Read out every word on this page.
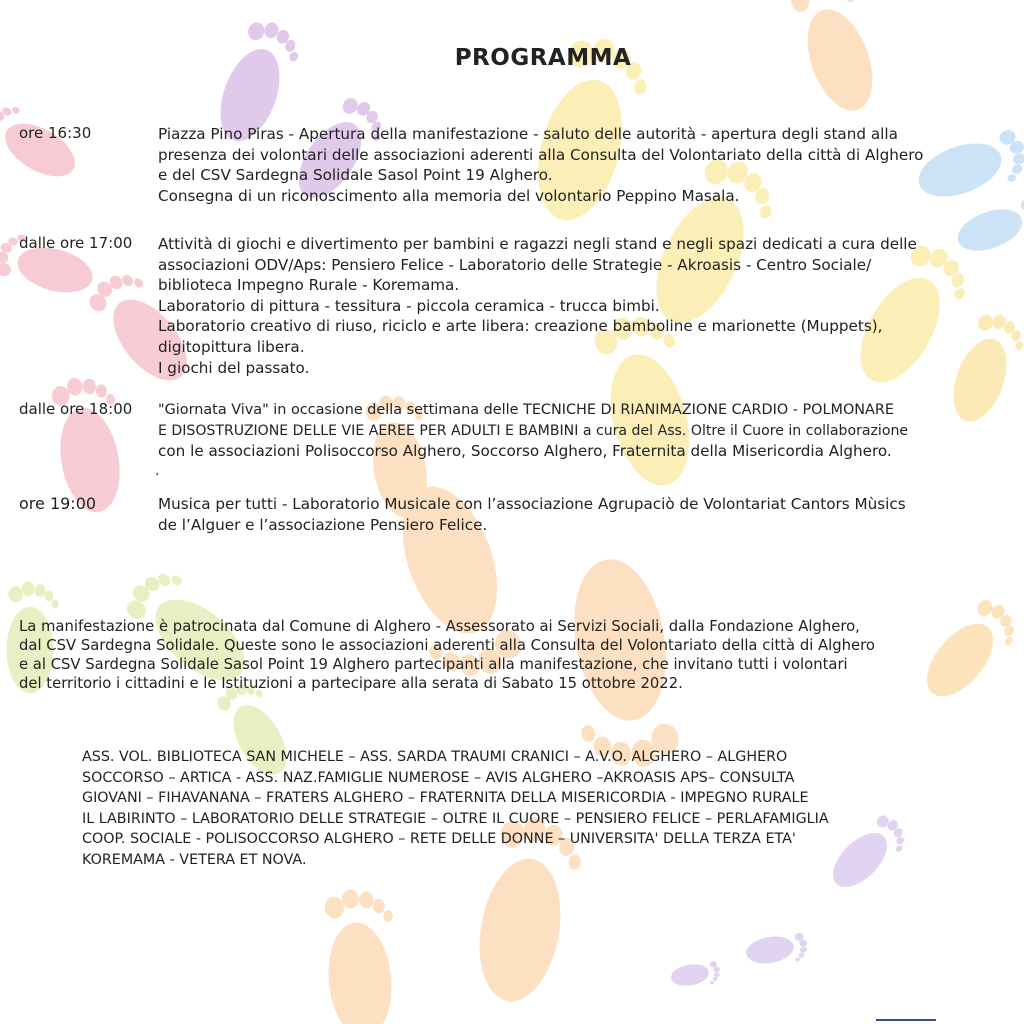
PROGRAMMA
ore 16:30	Piazza Pino Piras - Apertura della manifestazione - saluto delle autorità - apertura degli stand alla

presenza dei volontari delle associazioni aderenti alla Consulta del Volontariato della città di Alghero

e del CSV Sardegna Solidale Sasol Point 19 Alghero.

Consegna di un riconoscimento alla memoria del volontario Peppino Masala.

dalle ore 17:00 Attività di giochi e divertimento per bambini e ragazzi negli stand e negli spazi dedicati a cura delle

associazioni ODV/Aps: Pensiero Felice - Laboratorio delle Strategie - Akroasis - Centro Sociale/

biblioteca Impegno Rurale - Koremama.

Laboratorio di pittura - tessitura - piccola ceramica - trucca bimbi.

Laboratorio creativo di riuso, riciclo e arte libera: creazione bamboline e marionette (Muppets),

digitopittura libera.

I giochi del passato.

dalle ore 18:00 "Giornata Viva" in occasione della settimana delle TECNICHE DI RIANIMAZIONE CARDIO - POLMONARE

E DISOSTRUZIONE DELLE VIE AEREE PER ADULTI E BAMBINI a cura del Ass. Oltre il Cuore in collaborazione

con le associazioni Polisoccorso Alghero, Soccorso Alghero, Fraternita della Misericordia Alghero.

.
ore 19:00	Musica per tutti - Laboratorio Musicale con l’associazione Agrupaciò de Volontariat Cantors Mùsics

de l’Alguer e l’associazione Pensiero Felice.

La manifestazione è patrocinata dal Comune di Alghero - Assessorato ai Servizi Sociali, dalla Fondazione Alghero,

dal CSV Sardegna Solidale. Queste sono le associazioni aderenti alla Consulta del Volontariato della città di Alghero

e al CSV Sardegna Solidale Sasol Point 19 Alghero partecipanti alla manifestazione, che invitano tutti i volontari

del territorio i cittadini e le Istituzioni a partecipare alla serata di Sabato 15 ottobre 2022.

ASS. VOL. BIBLIOTECA SAN MICHELE – ASS. SARDA TRAUMI CRANICI – A.V.O. ALGHERO – ALGHERO

SOCCORSO – ARTICA - ASS. NAZ.FAMIGLIE NUMEROSE – AVIS ALGHERO –AKROASIS APS– CONSULTA

GIOVANI – FIHAVANANA – FRATERS ALGHERO – FRATERNITA DELLA MISERICORDIA - IMPEGNO RURALE

IL LABIRINTO – LABORATORIO DELLE STRATEGIE – OLTRE IL CUORE – PENSIERO FELICE – PERLAFAMIGLIA

COOP. SOCIALE - POLISOCCORSO ALGHERO – RETE DELLE DONNE – UNIVERSITA' DELLA TERZA ETA'

KOREMAMA - VETERA ET NOVA.
